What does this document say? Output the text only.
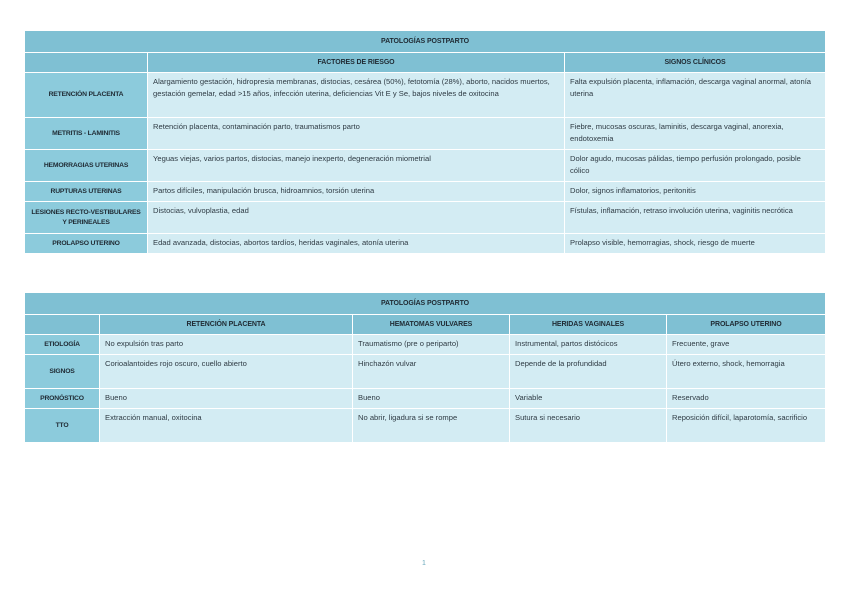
PATOLOGÍAS POSTPARTO		
	FACTORES DE RIESGO	SIGNOS CLÍNICOS
RETENCIÓN PLACENTA	Alargamiento gestación, hidropresia membranas, distocias, cesárea (50%), fetotomía (28%), aborto, nacidos muertos, gestación gemelar, edad >15 años, infección uterina, deficiencias Vit E y Se, bajos niveles de oxitocina	Falta expulsión placenta, inflamación, descarga vaginal anormal, atonía uterina
METRITIS - LAMINITIS	Retención placenta, contaminación parto, traumatismos parto	Fiebre, mucosas oscuras, laminitis, descarga vaginal, anorexia, endotoxemia
HEMORRAGIAS UTERINAS	Yeguas viejas, varios partos, distocias, manejo inexperto, degeneración miometrial	Dolor agudo, mucosas pálidas, tiempo perfusión prolongado, posible cólico
RUPTURAS UTERINAS	Partos difíciles, manipulación brusca, hidroamnios, torsión uterina	Dolor, signos inflamatorios, peritonitis
LESIONES RECTO-VESTIBULARES Y PERINEALES	Distocias, vulvoplastia, edad	Fístulas, inflamación, retraso involución uterina, vaginitis necrótica
PROLAPSO UTERINO	Edad avanzada, distocias, abortos tardíos, heridas vaginales, atonía uterina	Prolapso visible, hemorragias, shock, riesgo de muerte
PATOLOGÍAS POSTPARTO				
	RETENCIÓN PLACENTA	HEMATOMAS VULVARES	HERIDAS VAGINALES	PROLAPSO UTERINO
ETIOLOGÍA	No expulsión tras parto	Traumatismo (pre o periparto)	Instrumental, partos distócicos	Frecuente, grave
SIGNOS	Corioalantoides rojo oscuro, cuello abierto	Hinchazón vulvar	Depende de la profundidad	Útero externo, shock, hemorragia
PRONÓSTICO	Bueno	Bueno	Variable	Reservado
TTO	Extracción manual, oxitocina	No abrir, ligadura si se rompe	Sutura si necesario	Reposición difícil, laparotomía, sacrificio
1
